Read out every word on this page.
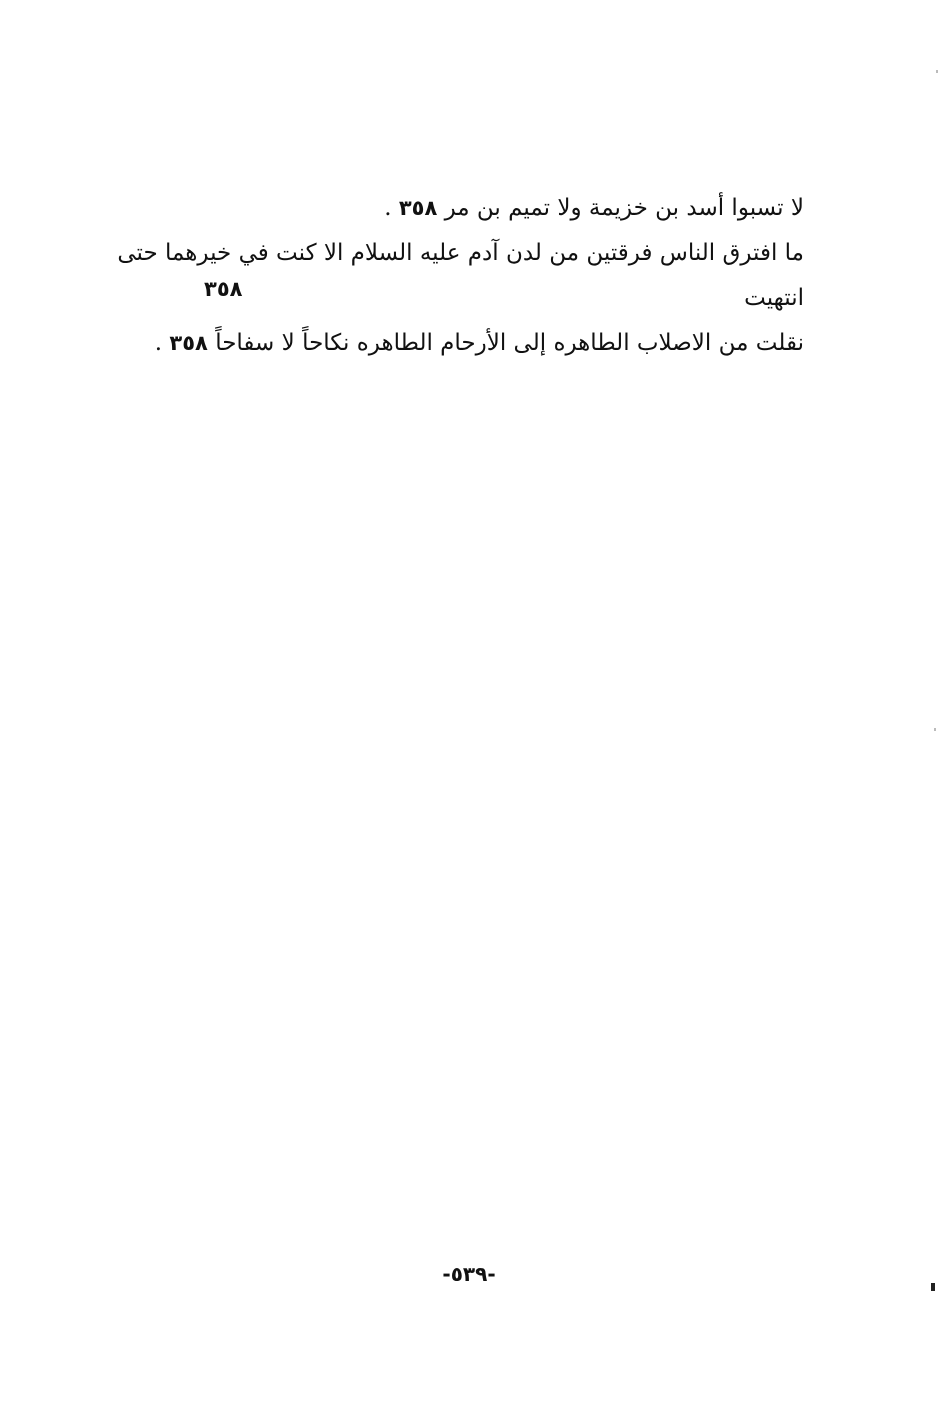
لا تسبوا أسد بن خزيمة ولا تميم بن مر ٣٥٨ .

ما افترق الناس فرقتين من لدن آدم عليه السلام الا كنت في خيرهما حتى
٣٥٨	انتهيت

نقلت من الاصلاب الطاهره إلى الأرحام الطاهره نكاحاً لا سفاحاً ٣٥٨ .

-٥٣٩-
